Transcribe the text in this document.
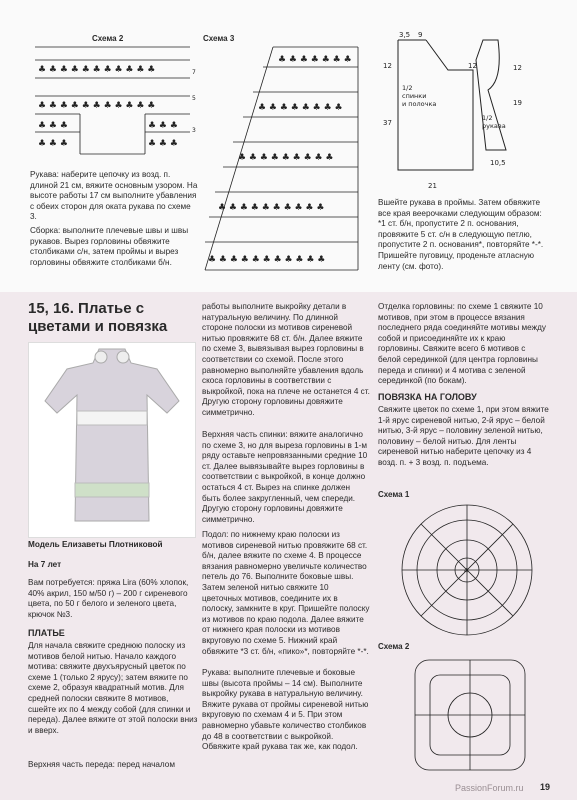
Схема 2
♣ ♣ ♣ ♣ ♣ ♣ ♣ ♣ ♣ ♣ ♣
♣ ♣ ♣ ♣ ♣ ♣ ♣ ♣ ♣ ♣ ♣
♣ ♣ ♣	♣ ♣ ♣
♣ ♣ ♣	♣ ♣ ♣
7
5
3
Рукава: наберите цепочку из возд. п. длиной 21 см, вяжите основным узором. На высоте работы 17 см выполните убавления с обеих сторон для оката рукава по схеме 3.
Сборка: выполните плечевые швы и швы рукавов. Вырез горловины обвяжите столбиками с/н, затем проймы и вырез горловины обвяжите столбиками б/н.
Схема 3
♣ ♣ ♣ ♣ ♣ ♣ ♣
♣ ♣ ♣ ♣ ♣ ♣ ♣ ♣
♣ ♣ ♣ ♣ ♣ ♣ ♣ ♣ ♣
♣ ♣ ♣ ♣ ♣ ♣ ♣ ♣ ♣ ♣
♣ ♣ ♣ ♣ ♣ ♣ ♣ ♣ ♣ ♣ ♣
3,5 9
12
37
21
12	12
19
10,5
1/2
спинки
и полочка
1/2
рукава
Вшейте рукава в проймы. Затем обвяжите все края веерочками следующим образом: *1 ст. б/н, пропустите 2 п. основания, провяжите 5 ст. с/н в следующую петлю, пропустите 2 п. основания*, повторяйте *-*. Пришейте пуговицу, проденьте атласную ленту (см. фото).
15, 16. Платье с цветами и повязка
Модель Елизаветы Плотниковой
На 7 лет
Вам потребуется: пряжа Lira (60% хлопок, 40% акрил, 150 м/50 г) – 200 г сиреневого цвета, по 50 г белого и зеленого цвета, крючок №3.
ПЛАТЬЕ
Для начала свяжите среднюю полоску из мотивов белой нитью. Начало каждого мотива: свяжите двухъярусный цветок по схеме 1 (только 2 ярусу); затем вяжите по схеме 2, образуя квадратный мотив. Для средней полоски свяжите 8 мотивов, сшейте их по 4 между собой (для спинки и переда). Далее вяжите от этой полоски вниз и вверх.
Верхняя часть переда: перед началом
работы выполните выкройку детали в натуральную величину. По длинной стороне полоски из мотивов сиреневой нитью провяжите 68 ст. б/н. Далее вяжите по схеме 3, вывязывая вырез горловины в соответствии со схемой. После этого равномерно выполняйте убавления вдоль скоса горловины в соответствии с выкройкой, пока на плече не останется 4 ст. Другую сторону горловины довяжите симметрично.
Верхняя часть спинки: вяжите аналогично по схеме 3, но для выреза горловины в 1-м ряду оставьте непровязанными средние 10 ст. Далее вывязывайте вырез горловины в соответствии с выкройкой, в конце должно остаться 4 ст. Вырез на спинке должен быть более закругленный, чем спереди. Другую сторону горловины довяжите симметрично.
Подол: по нижнему краю полоски из мотивов сиреневой нитью провяжите 68 ст. б/н, далее вяжите по схеме 4. В процессе вязания равномерно увеличьте количество петель до 76. Выполните боковые швы. Затем зеленой нитью свяжите 10 цветочных мотивов, соедините их в полоску, замкните в круг. Пришейте полоску из мотивов по краю подола. Далее вяжите от нижнего края полоски из мотивов вкруговую по схеме 5. Нижний край обвяжите *3 ст. б/н, «пико»*, повторяйте *-*.
Рукава: выполните плечевые и боковые швы (высота проймы – 14 см). Выполните выкройку рукава в натуральную величину. Вяжите рукава от проймы сиреневой нитью вкруговую по схемам 4 и 5. При этом равномерно убавьте количество столбиков до 48 в соответствии с выкройкой. Обвяжите край рукава так же, как подол.
Отделка горловины: по схеме 1 свяжите 10 мотивов, при этом в процессе вязания последнего ряда соединяйте мотивы между собой и присоединяйте их к краю горловины. Свяжите всего 6 мотивов с белой серединкой (для центра горловины переда и спинки) и 4 мотива с зеленой серединкой (по бокам).
ПОВЯЗКА НА ГОЛОВУ
Свяжите цветок по схеме 1, при этом вяжите 1-й ярус сиреневой нитью, 2-й ярус – белой нитью, 3-й ярус – половину зеленой нитью, половину – белой нитью. Для ленты сиреневой нитью наберите цепочку из 4 возд. п. + 3 возд. п. подъема.
Схема 1
4
Схема 2
19
PassionForum.ru
